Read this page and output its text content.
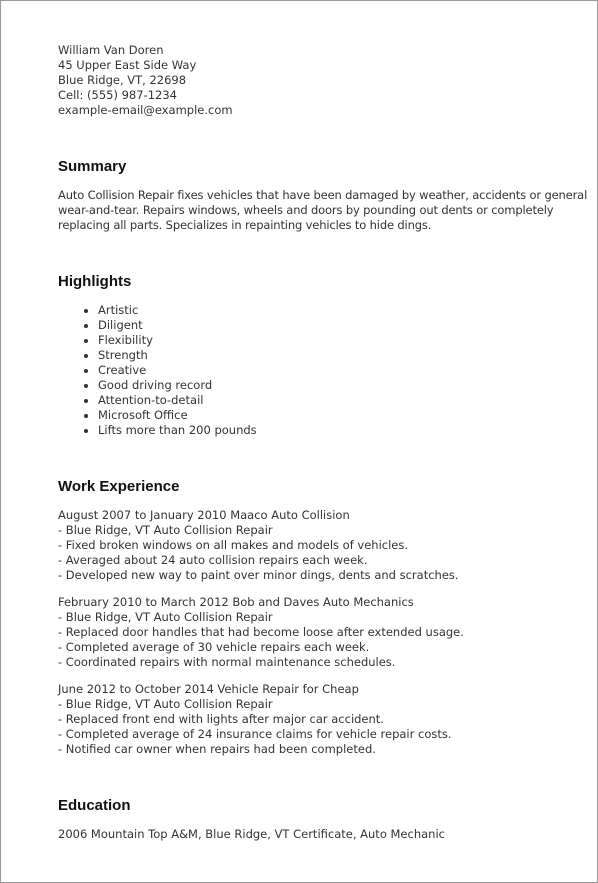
William Van Doren
45 Upper East Side Way
Blue Ridge, VT, 22698
Cell: (555) 987-1234
example-email@example.com
Summary
Auto Collision Repair fixes vehicles that have been damaged by weather, accidents or general wear-and-tear. Repairs windows, wheels and doors by pounding out dents or completely replacing all parts. Specializes in repainting vehicles to hide dings.
Highlights
• Artistic
• Diligent
• Flexibility
• Strength
• Creative
• Good driving record
• Attention-to-detail
• Microsoft Office
• Lifts more than 200 pounds
Work Experience
August 2007 to January 2010 Maaco Auto Collision
- Blue Ridge, VT Auto Collision Repair
- Fixed broken windows on all makes and models of vehicles.
- Averaged about 24 auto collision repairs each week.
- Developed new way to paint over minor dings, dents and scratches.
February 2010 to March 2012 Bob and Daves Auto Mechanics
- Blue Ridge, VT Auto Collision Repair
- Replaced door handles that had become loose after extended usage.
- Completed average of 30 vehicle repairs each week.
- Coordinated repairs with normal maintenance schedules.
June 2012 to October 2014 Vehicle Repair for Cheap
- Blue Ridge, VT Auto Collision Repair
- Replaced front end with lights after major car accident.
- Completed average of 24 insurance claims for vehicle repair costs.
- Notified car owner when repairs had been completed.
Education
2006 Mountain Top A&M, Blue Ridge, VT Certificate, Auto Mechanic
